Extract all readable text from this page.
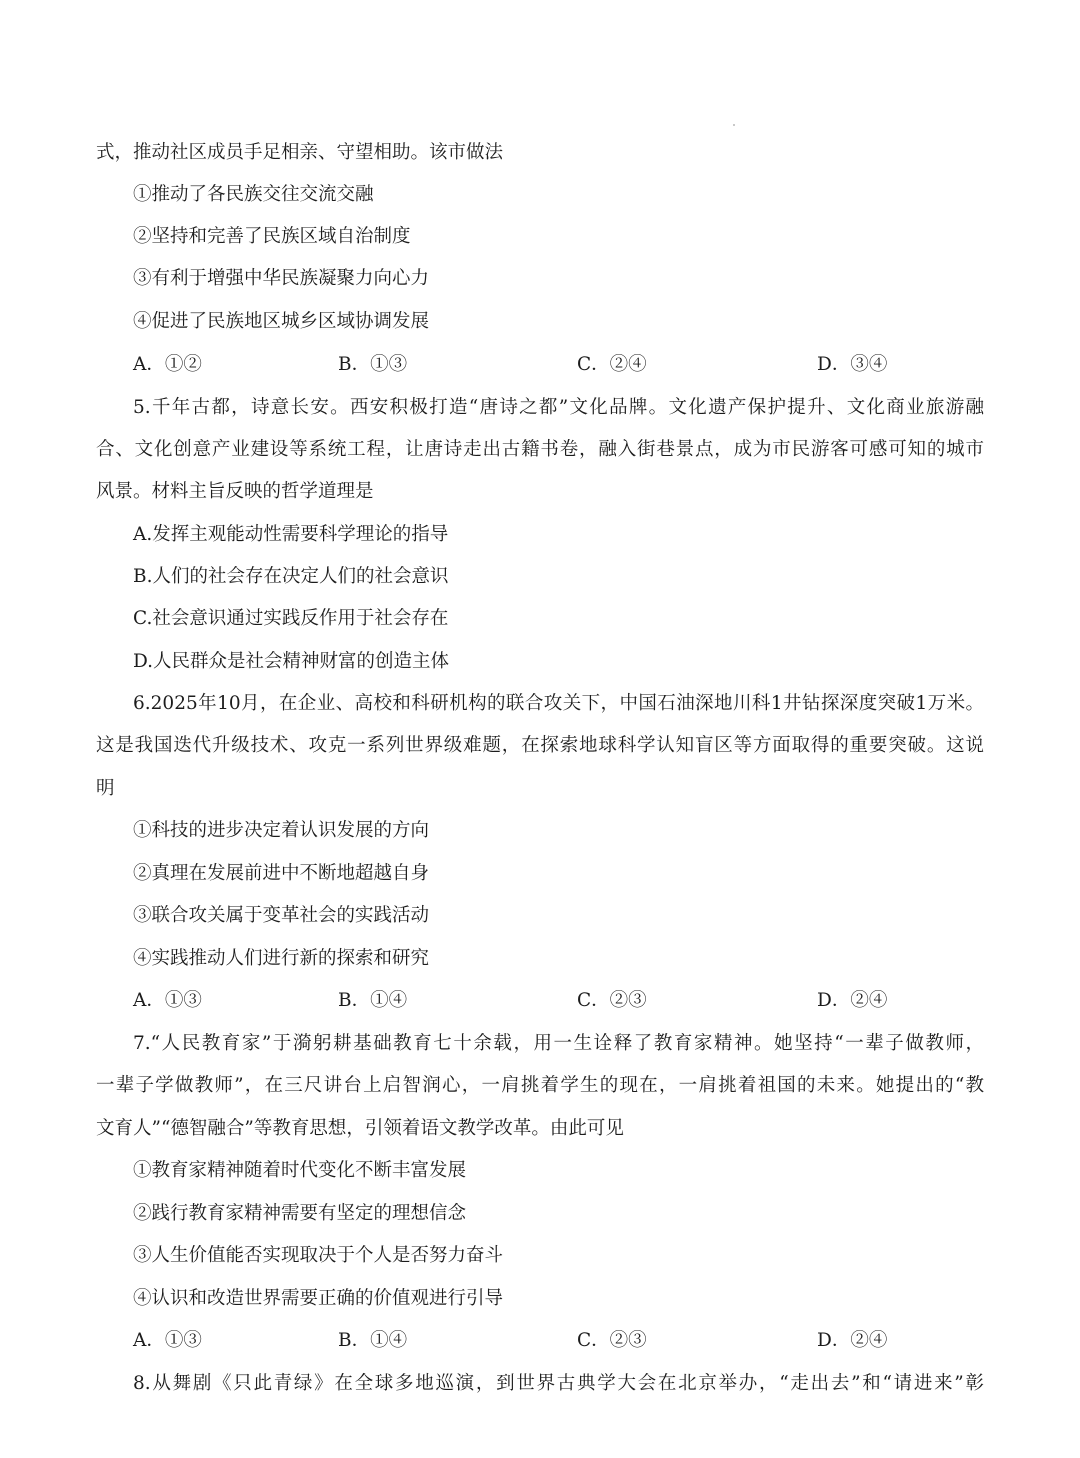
式，推动社区成员手足相亲、守望相助。该市做法
①推动了各民族交往交流交融
②坚持和完善了民族区域自治制度
③有利于增强中华民族凝聚力向心力
④促进了民族地区城乡区域协调发展
A．①②	B．①③	C．②④	D．③④
5.千年古都，诗意长安。西安积极打造“唐诗之都”文化品牌。文化遗产保护提升、文化商业旅游融
合、文化创意产业建设等系统工程，让唐诗走出古籍书卷，融入街巷景点，成为市民游客可感可知的城市
风景。材料主旨反映的哲学道理是
A.发挥主观能动性需要科学理论的指导
B.人们的社会存在决定人们的社会意识
C.社会意识通过实践反作用于社会存在
D.人民群众是社会精神财富的创造主体
6.2025年10月，在企业、高校和科研机构的联合攻关下，中国石油深地川科1井钻探深度突破1万米。
这是我国迭代升级技术、攻克一系列世界级难题，在探索地球科学认知盲区等方面取得的重要突破。这说
明
①科技的进步决定着认识发展的方向
②真理在发展前进中不断地超越自身
③联合攻关属于变革社会的实践活动
④实践推动人们进行新的探索和研究
A．①③	B．①④	C．②③	D．②④
7.“人民教育家”于漪躬耕基础教育七十余载，用一生诠释了教育家精神。她坚持“一辈子做教师，
一辈子学做教师”，在三尺讲台上启智润心，一肩挑着学生的现在，一肩挑着祖国的未来。她提出的“教
文育人”“德智融合”等教育思想，引领着语文教学改革。由此可见
①教育家精神随着时代变化不断丰富发展
②践行教育家精神需要有坚定的理想信念
③人生价值能否实现取决于个人是否努力奋斗
④认识和改造世界需要正确的价值观进行引导
A．①③	B．①④	C．②③	D．②④
8.从舞剧《只此青绿》在全球多地巡演，到世界古典学大会在北京举办，“走出去”和“请进来”彰
